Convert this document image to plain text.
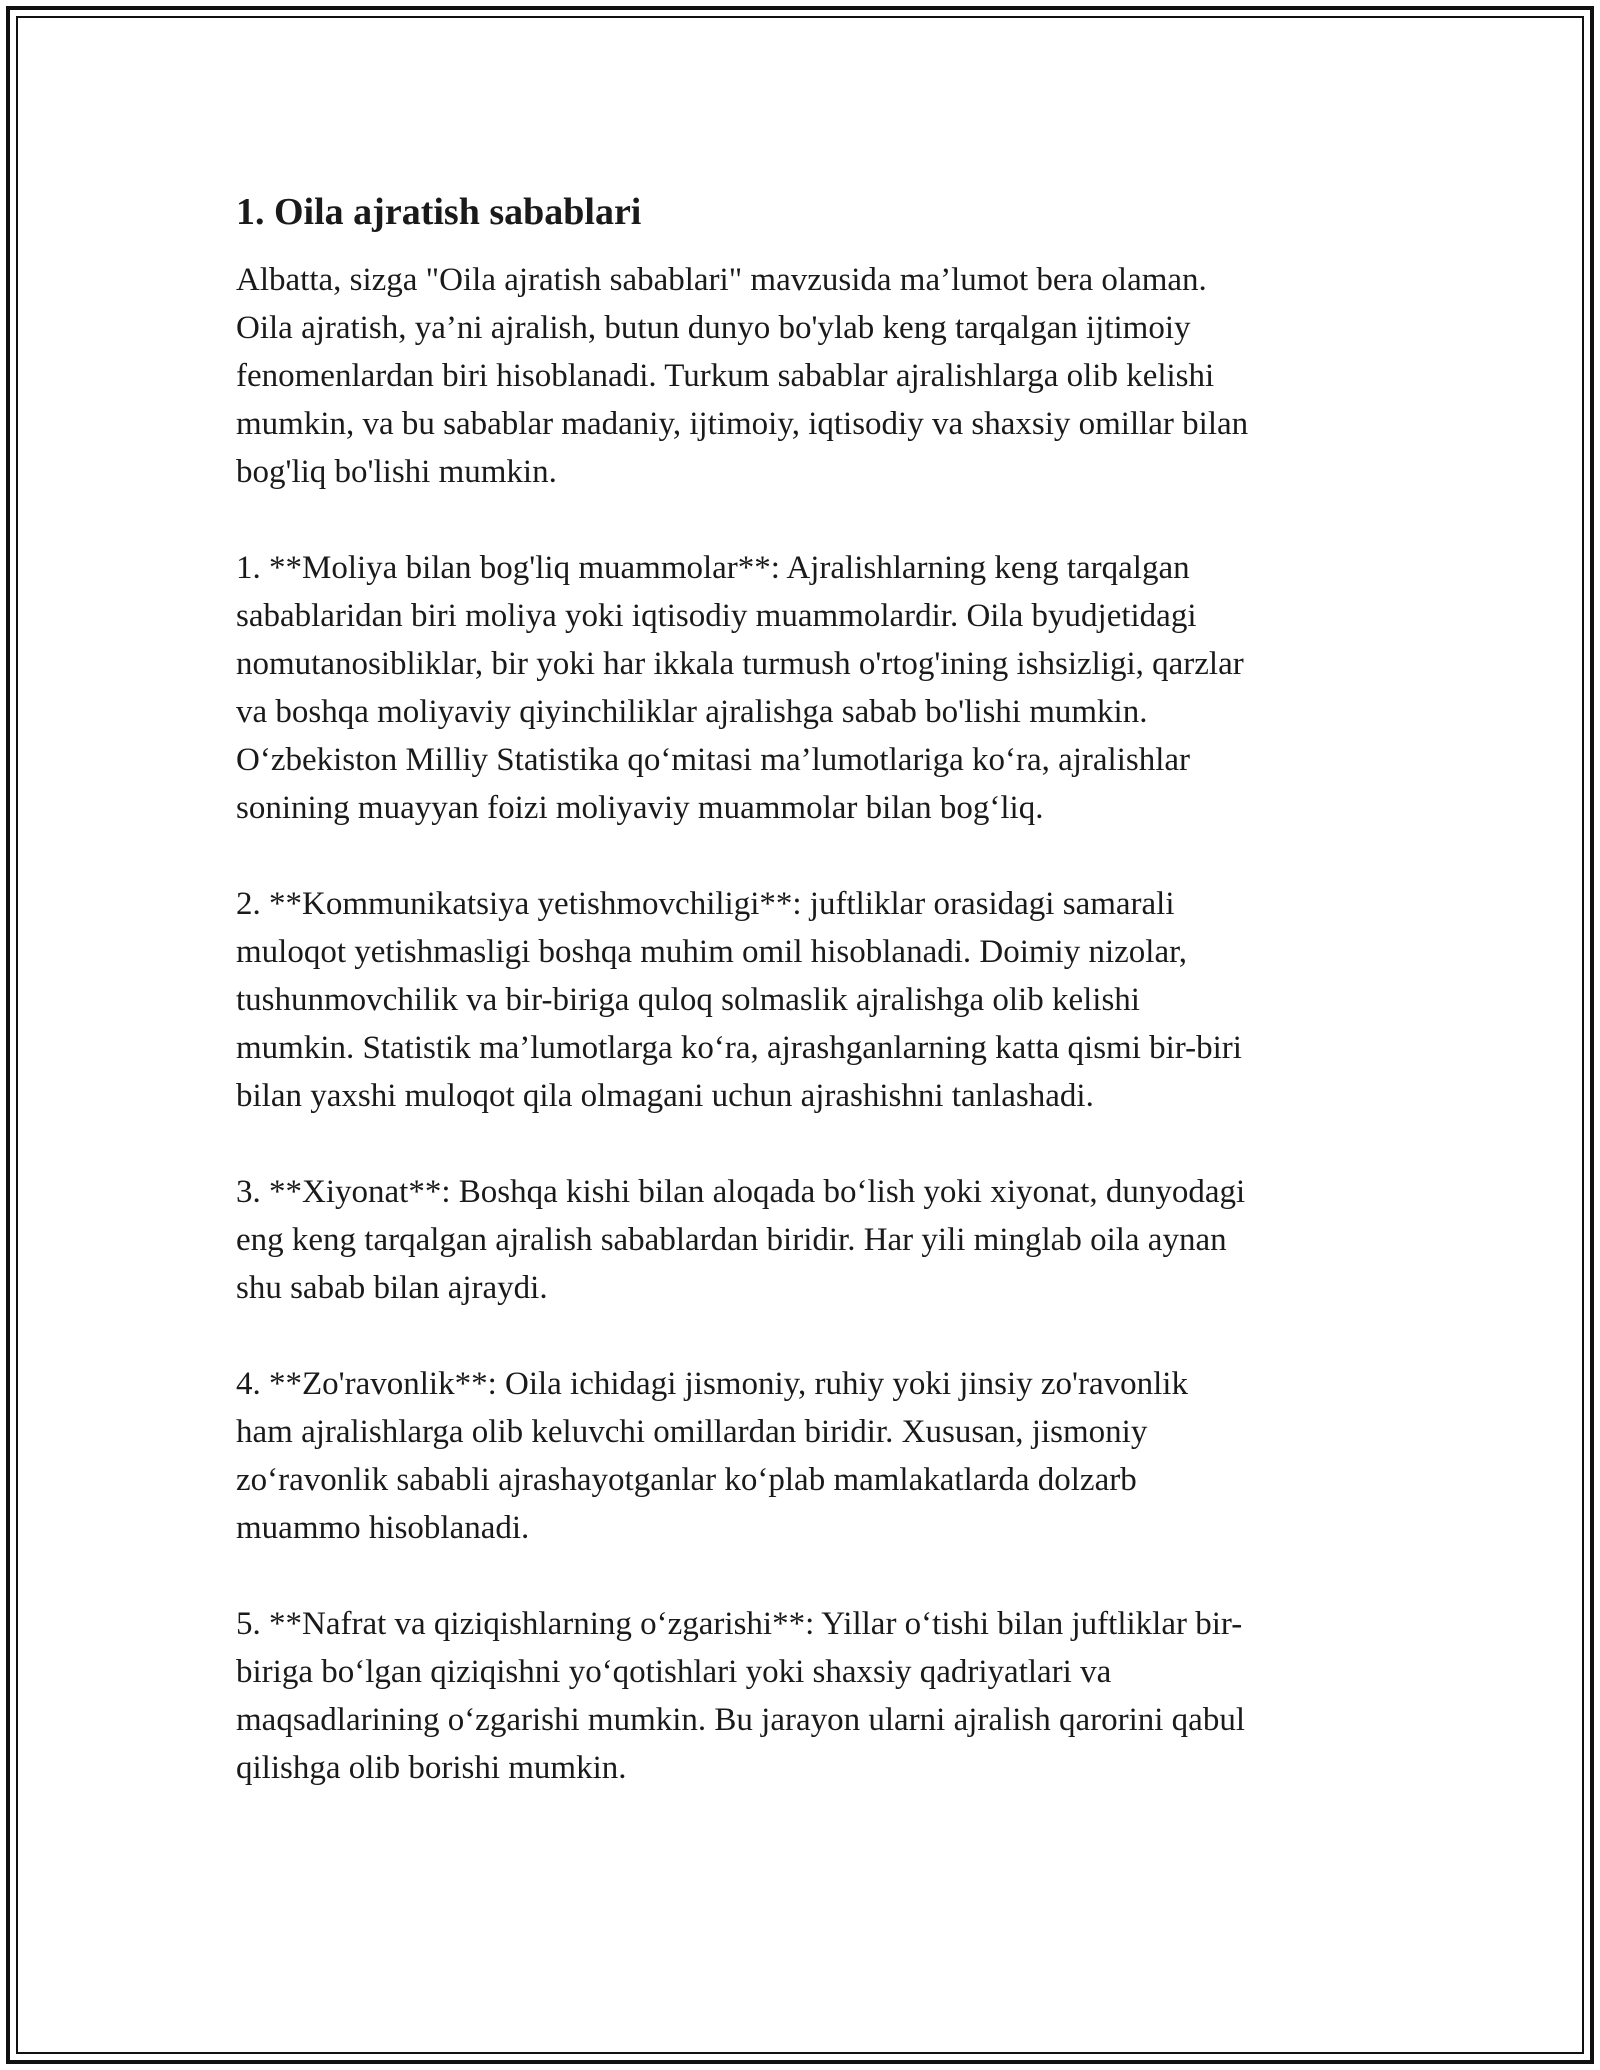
1. Oila ajratish sabablari

Albatta, sizga "Oila ajratish sabablari" mavzusida ma’lumot bera olaman.
Oila ajratish, ya’ni ajralish, butun dunyo bo'ylab keng tarqalgan ijtimoiy
fenomenlardan biri hisoblanadi. Turkum sabablar ajralishlarga olib kelishi
mumkin, va bu sabablar madaniy, ijtimoiy, iqtisodiy va shaxsiy omillar bilan
bog'liq bo'lishi mumkin.

1. **Moliya bilan bog'liq muammolar**: Ajralishlarning keng tarqalgan
sabablaridan biri moliya yoki iqtisodiy muammolardir. Oila byudjetidagi
nomutanosibliklar, bir yoki har ikkala turmush o'rtog'ining ishsizligi, qarzlar
va boshqa moliyaviy qiyinchiliklar ajralishga sabab bo'lishi mumkin.
O‘zbekiston Milliy Statistika qo‘mitasi ma’lumotlariga ko‘ra, ajralishlar
sonining muayyan foizi moliyaviy muammolar bilan bog‘liq.

2. **Kommunikatsiya yetishmovchiligi**: juftliklar orasidagi samarali
muloqot yetishmasligi boshqa muhim omil hisoblanadi. Doimiy nizolar,
tushunmovchilik va bir-biriga quloq solmaslik ajralishga olib kelishi
mumkin. Statistik ma’lumotlarga ko‘ra, ajrashganlarning katta qismi bir-biri
bilan yaxshi muloqot qila olmagani uchun ajrashishni tanlashadi.

3. **Xiyonat**: Boshqa kishi bilan aloqada bo‘lish yoki xiyonat, dunyodagi
eng keng tarqalgan ajralish sabablardan biridir. Har yili minglab oila aynan
shu sabab bilan ajraydi.

4. **Zo'ravonlik**: Oila ichidagi jismoniy, ruhiy yoki jinsiy zo'ravonlik
ham ajralishlarga olib keluvchi omillardan biridir. Xususan, jismoniy
zo‘ravonlik sababli ajrashayotganlar ko‘plab mamlakatlarda dolzarb
muammo hisoblanadi.

5. **Nafrat va qiziqishlarning o‘zgarishi**: Yillar o‘tishi bilan juftliklar bir-
biriga bo‘lgan qiziqishni yo‘qotishlari yoki shaxsiy qadriyatlari va
maqsadlarining o‘zgarishi mumkin. Bu jarayon ularni ajralish qarorini qabul
qilishga olib borishi mumkin.
